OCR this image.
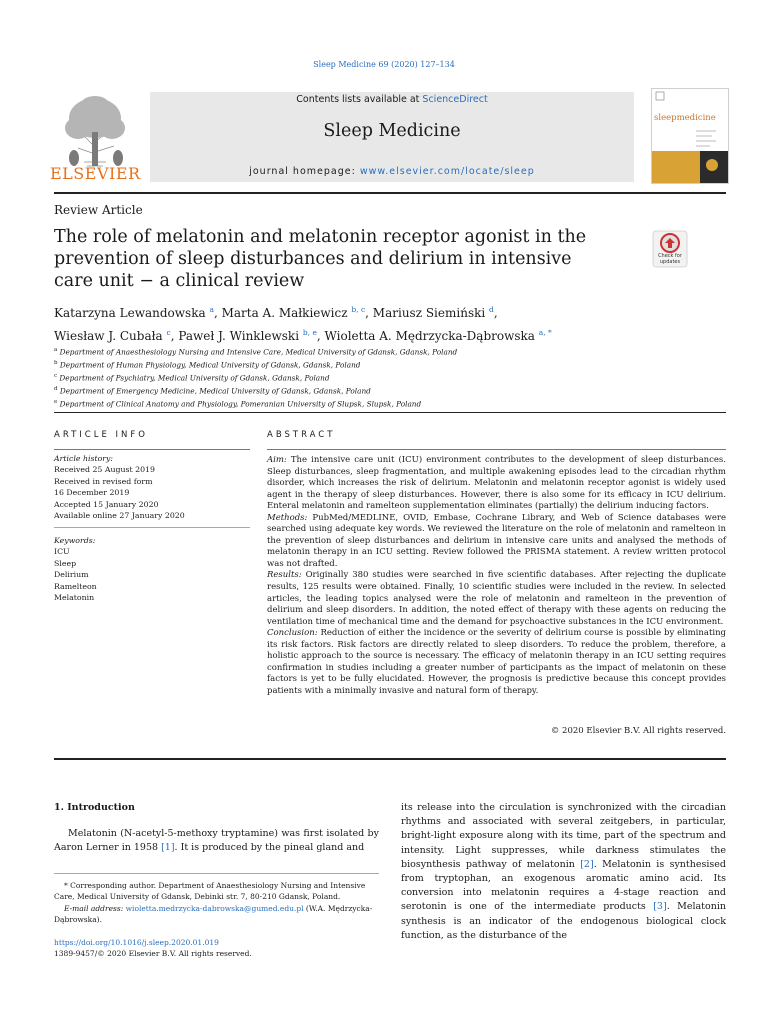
Sleep Medicine 69 (2020) 127–134
ELSEVIER
Contents lists available at ScienceDirect
Sleep Medicine
journal homepage: www.elsevier.com/locate/sleep
sleepmedicine
Review Article
The role of melatonin and melatonin receptor agonist in the prevention of sleep disturbances and delirium in intensive care unit − a clinical review
Check for
updates
Katarzyna Lewandowska $^a$, Marta A. Małkiewicz $^{b, c}$, Mariusz Siemiński $^d$,
Wiesław J. Cubała $^c$, Paweł J. Winklewski $^{b, e}$, Wioletta A. Mędrzycka-Dąbrowska $^{a, *}$
$^a$ Department of Anaesthesiology Nursing and Intensive Care, Medical University of Gdansk, Gdansk, Poland
$^b$ Department of Human Physiology, Medical University of Gdansk, Gdansk, Poland
$^c$ Department of Psychiatry, Medical University of Gdansk, Gdansk, Poland
$^d$ Department of Emergency Medicine, Medical University of Gdansk, Gdansk, Poland
$^e$ Department of Clinical Anatomy and Physiology, Pomeranian University of Slupsk, Slupsk, Poland
ARTICLE INFO
Article history:
Received 25 August 2019
Received in revised form
16 December 2019
Accepted 15 January 2020
Available online 27 January 2020
Keywords:
ICU
Sleep
Delirium
Ramelteon
Melatonin
ABSTRACT

Aim: The intensive care unit (ICU) environment contributes to the development of sleep disturbances. Sleep disturbances, sleep fragmentation, and multiple awakening episodes lead to the circadian rhythm disorder, which increases the risk of delirium. Melatonin and melatonin receptor agonist is widely used agent in the therapy of sleep disturbances. However, there is also some for its efficacy in ICU delirium. Enteral melatonin and ramelteon supplementation eliminates (partially) the delirium inducing factors.

Methods: PubMed/MEDLINE, OVID, Embase, Cochrane Library, and Web of Science databases were searched using adequate key words. We reviewed the literature on the role of melatonin and ramelteon in the prevention of sleep disturbances and delirium in intensive care units and analysed the methods of melatonin therapy in an ICU setting. Review followed the PRISMA statement. A review written protocol was not drafted.

Results: Originally 380 studies were searched in five scientific databases. After rejecting the duplicate results, 125 results were obtained. Finally, 10 scientific studies were included in the review. In selected articles, the leading topics analysed were the role of melatonin and ramelteon in the prevention of delirium and sleep disorders. In addition, the noted effect of therapy with these agents on reducing the ventilation time of mechanical time and the demand for psychoactive substances in the ICU environment.

Conclusion: Reduction of either the incidence or the severity of delirium course is possible by eliminating its risk factors. Risk factors are directly related to sleep disorders. To reduce the problem, therefore, a holistic approach to the source is necessary. The efficacy of melatonin therapy in an ICU setting requires confirmation in studies including a greater number of participants as the impact of melatonin on these factors is yet to be fully elucidated. However, the prognosis is predictive because this concept provides patients with a minimally invasive and natural form of therapy.

© 2020 Elsevier B.V. All rights reserved.
1. Introduction

Melatonin (N-acetyl-5-methoxy tryptamine) was first isolated by Aaron Lerner in 1958 [1]. It is produced by the pineal gland and

* Corresponding author. Department of Anaesthesiology Nursing and Intensive Care, Medical University of Gdansk, Debinki str. 7, 80-210 Gdansk, Poland.

E-mail address: wioletta.medrzycka-dabrowska@gumed.edu.pl (W.A. Mędrzycka-Dąbrowska).

https://doi.org/10.1016/j.sleep.2020.01.019
1389-9457/© 2020 Elsevier B.V. All rights reserved.

its release into the circulation is synchronized with the circadian rhythms and associated with several zeitgebers, in particular, bright-light exposure along with its time, part of the spectrum and intensity. Light suppresses, while darkness stimulates the biosynthesis pathway of melatonin [2]. Melatonin is synthesised from tryptophan, an exogenous aromatic amino acid. Its conversion into melatonin requires a 4-stage reaction and serotonin is one of the intermediate products [3]. Melatonin synthesis is an indicator of the endogenous biological clock function, as the disturbance of the
